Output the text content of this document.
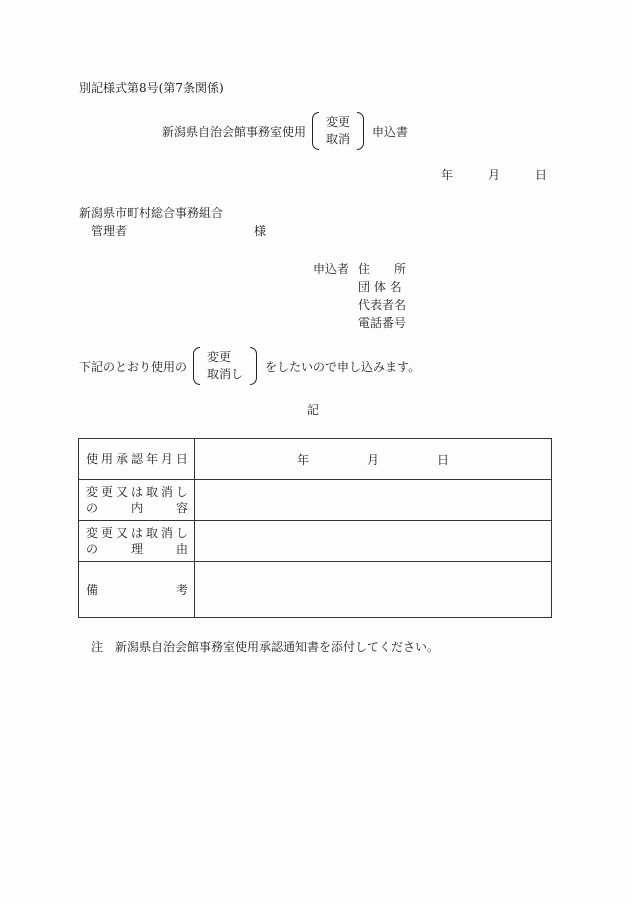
別記様式第8号(第7条関係)
新潟県自治会館事務室使用
変更
取消
申込書
年	月	日
新潟県市町村総合事務組合
管理者	様
申込者 住　　所
団 体 名
代表者名
電話番号
下記のとおり使用の
変更
取消し
をしたいので申し込みます。
記
使 用 承 認 年 月 日	年	月	日

変 更 又 は 取 消 し
の	内	容

変 更 又 は 取 消 し
の	理	由

備 考	

注　新潟県自治会館事務室使用承認通知書を添付してください。
